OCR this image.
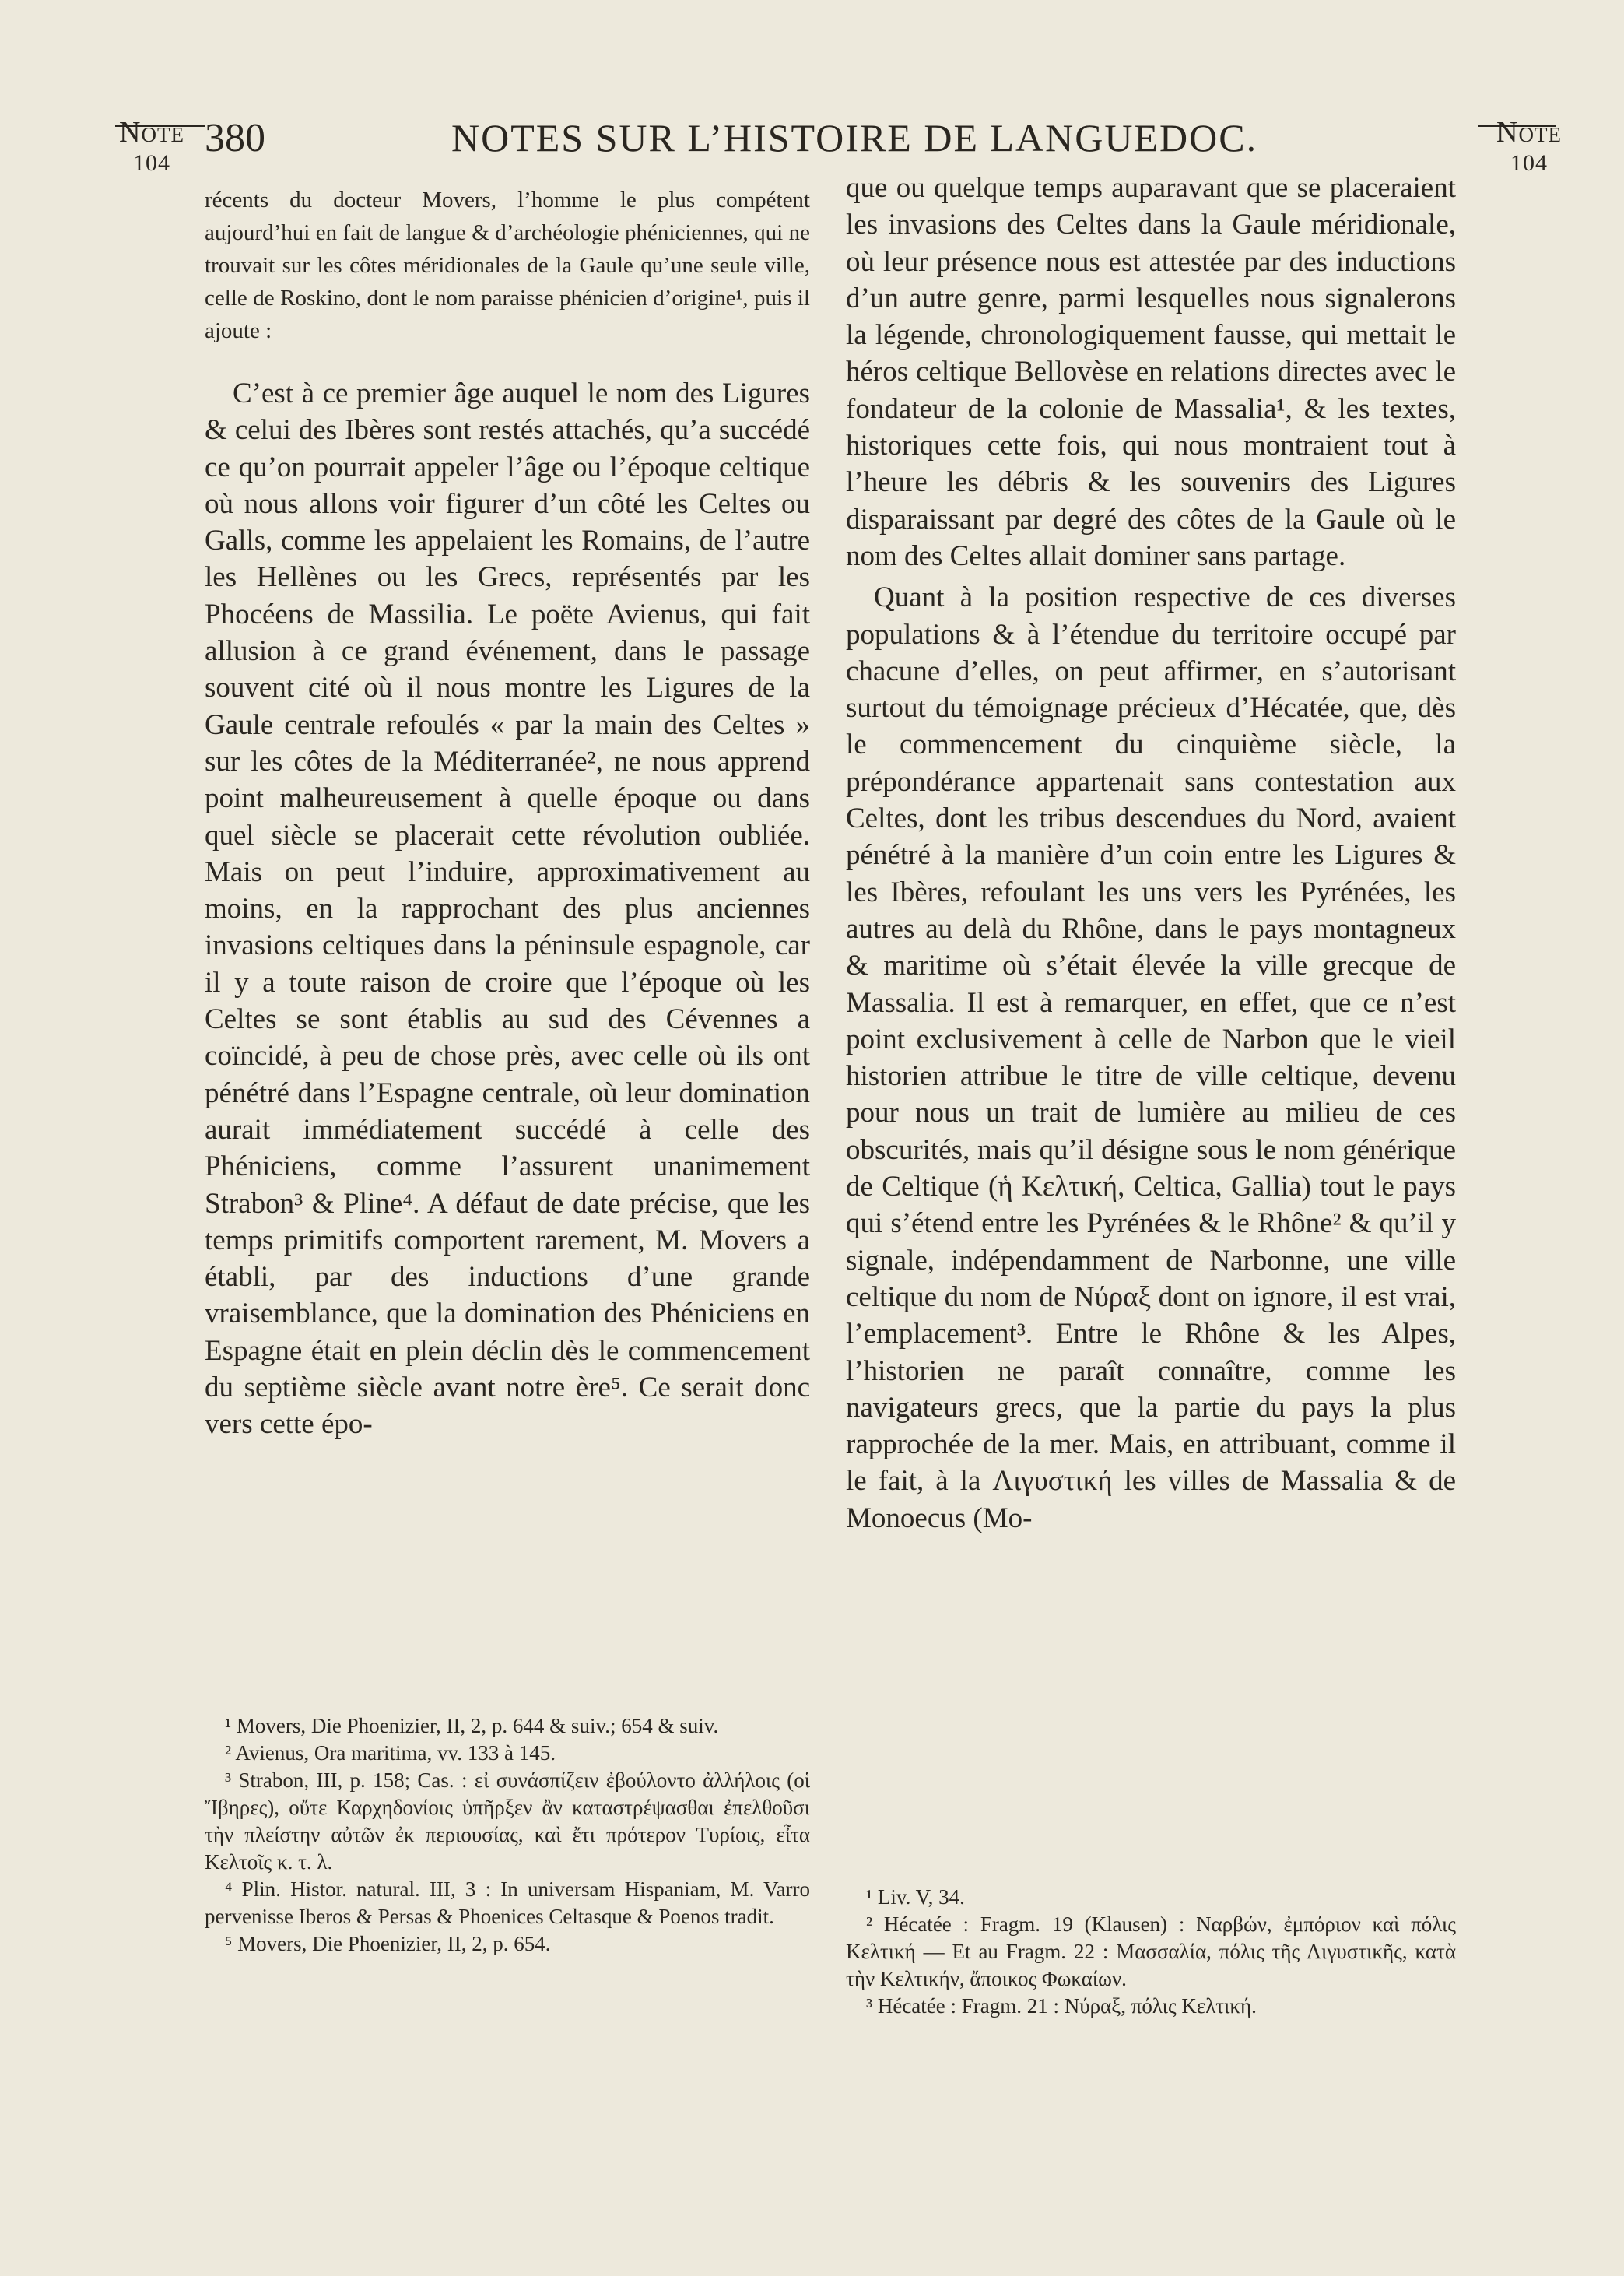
Note
104
Note
104
380	NOTES SUR L’HISTOIRE DE LANGUEDOC.

récents du docteur Movers, l’homme le plus compétent aujourd’hui en fait de langue & d’archéologie phéniciennes, qui ne trouvait sur les côtes méridionales de la Gaule qu’une seule ville, celle de Roskino, dont le nom paraisse phénicien d’origine¹, puis il ajoute :

C’est à ce premier âge auquel le nom des Ligures & celui des Ibères sont restés attachés, qu’a succédé ce qu’on pourrait appeler l’âge ou l’époque celtique où nous allons voir figurer d’un côté les Celtes ou Galls, comme les appelaient les Romains, de l’autre les Hellènes ou les Grecs, représentés par les Phocéens de Massilia. Le poëte Avienus, qui fait allusion à ce grand événement, dans le passage souvent cité où il nous montre les Ligures de la Gaule centrale refoulés « par la main des Celtes » sur les côtes de la Méditerranée², ne nous apprend point malheureusement à quelle époque ou dans quel siècle se placerait cette révolution oubliée. Mais on peut l’induire, approximativement au moins, en la rapprochant des plus anciennes invasions celtiques dans la péninsule espagnole, car il y a toute raison de croire que l’époque où les Celtes se sont établis au sud des Cévennes a coïncidé, à peu de chose près, avec celle où ils ont pénétré dans l’Espagne centrale, où leur domination aurait immédiatement succédé à celle des Phéniciens, comme l’assurent unanimement Strabon³ & Pline⁴. A défaut de date précise, que les temps primitifs comportent rarement, M. Movers a établi, par des inductions d’une grande vraisemblance, que la domination des Phéniciens en Espagne était en plein déclin dès le commencement du septième siècle avant notre ère⁵. Ce serait donc vers cette épo-

¹ Movers, Die Phoenizier, II, 2, p. 644 & suiv.; 654 & suiv.

² Avienus, Ora maritima, vv. 133 à 145.

³ Strabon, III, p. 158; Cas. : εἰ συνάσπίζειν ἐβούλοντο ἀλλήλοις (οἱ Ἴβηρες), οὔτε Καρχηδονίοις ὑπῆρξεν ἂν καταστρέψασθαι ἐπελθοῦσι τὴν πλείστην αὐτῶν ἐκ περιουσίας, καὶ ἔτι πρότερον Τυρίοις, εἶτα Κελτοῖς κ. τ. λ.

⁴ Plin. Histor. natural. III, 3 : In universam Hispaniam, M. Varro pervenisse Iberos & Persas & Phoenices Celtasque & Poenos tradit.

⁵ Movers, Die Phoenizier, II, 2, p. 654.

que ou quelque temps auparavant que se placeraient les invasions des Celtes dans la Gaule méridionale, où leur présence nous est attestée par des inductions d’un autre genre, parmi lesquelles nous signalerons la légende, chronologiquement fausse, qui mettait le héros celtique Bellovèse en relations directes avec le fondateur de la colonie de Massalia¹, & les textes, historiques cette fois, qui nous montraient tout à l’heure les débris & les souvenirs des Ligures disparaissant par degré des côtes de la Gaule où le nom des Celtes allait dominer sans partage.

Quant à la position respective de ces diverses populations & à l’étendue du territoire occupé par chacune d’elles, on peut affirmer, en s’autorisant surtout du témoignage précieux d’Hécatée, que, dès le commencement du cinquième siècle, la prépondérance appartenait sans contestation aux Celtes, dont les tribus descendues du Nord, avaient pénétré à la manière d’un coin entre les Ligures & les Ibères, refoulant les uns vers les Pyrénées, les autres au delà du Rhône, dans le pays montagneux & maritime où s’était élevée la ville grecque de Massalia. Il est à remarquer, en effet, que ce n’est point exclusivement à celle de Narbon que le vieil historien attribue le titre de ville celtique, devenu pour nous un trait de lumière au milieu de ces obscurités, mais qu’il désigne sous le nom générique de Celtique (ἡ Κελτική, Celtica, Gallia) tout le pays qui s’étend entre les Pyrénées & le Rhône² & qu’il y signale, indépendamment de Narbonne, une ville celtique du nom de Νύραξ dont on ignore, il est vrai, l’emplacement³. Entre le Rhône & les Alpes, l’historien ne paraît connaître, comme les navigateurs grecs, que la partie du pays la plus rapprochée de la mer. Mais, en attribuant, comme il le fait, à la Λιγυστική les villes de Massalia & de Monoecus (Mo-

¹ Liv. V, 34.

² Hécatée : Fragm. 19 (Klausen) : Ναρβών, ἐμπόριον καὶ πόλις Κελτική — Et au Fragm. 22 : Μασσαλία, πόλις τῆς Λιγυστικῆς, κατὰ τὴν Κελτικήν, ἄποικος Φωκαίων.

³ Hécatée : Fragm. 21 : Νύραξ, πόλις Κελτική.
